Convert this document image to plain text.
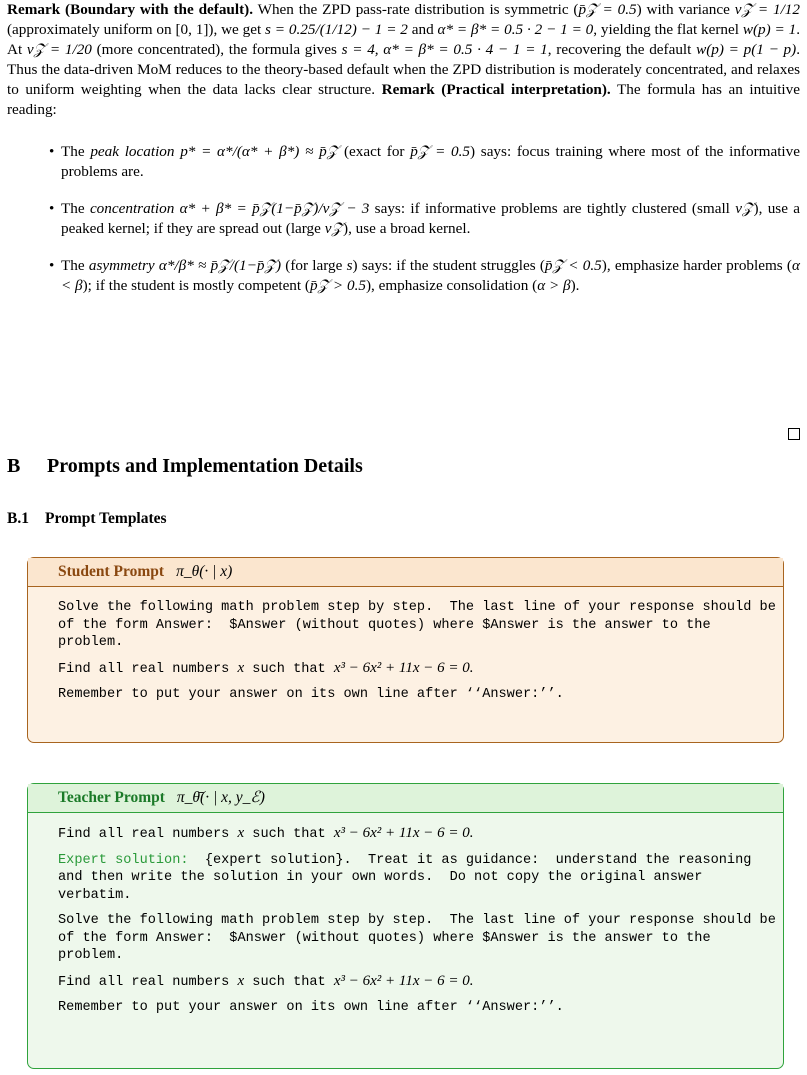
Remark (Boundary with the default). When the ZPD pass-rate distribution is symmetric (p̄𝒵 = 0.5) with variance v𝒵 = 1/12 (approximately uniform on [0, 1]), we get s = 0.25/(1/12) − 1 = 2 and α* = β* = 0.5 · 2 − 1 = 0, yielding the flat kernel w(p) = 1. At v𝒵 = 1/20 (more concentrated), the formula gives s = 4, α* = β* = 0.5 · 4 − 1 = 1, recovering the default w(p) = p(1 − p). Thus the data-driven MoM reduces to the theory-based default when the ZPD distribution is moderately concentrated, and relaxes to uniform weighting when the data lacks clear structure. Remark (Practical interpretation). The formula has an intuitive reading:

• The peak location p* = α*/(α* + β*) ≈ p̄𝒵 (exact for p̄𝒵 = 0.5) says: focus training where most of the informative problems are.
• The concentration α* + β* = p̄𝒵(1−p̄𝒵)/v𝒵 − 3 says: if informative problems are tightly clustered (small v𝒵), use a peaked kernel; if they are spread out (large v𝒵), use a broad kernel.
• The asymmetry α*/β* ≈ p̄𝒵/(1−p̄𝒵) (for large s) says: if the student struggles (p̄𝒵 < 0.5), emphasize harder problems (α < β); if the student is mostly competent (p̄𝒵 > 0.5), emphasize consolidation (α > β).
B Prompts and Implementation Details
B.1 Prompt Templates
Student Prompt π_θ(· | x)
Solve the following math problem step by step.  The last line of your response should be of the form Answer:  $Answer (without quotes) where $Answer is the answer to the problem.
Find all real numbers x such that x³ − 6x² + 11x − 6 = 0.
Remember to put your answer on its own line after ‘‘Answer:’’.
Teacher Prompt π_θ̄(· | x, y_ℰ)
Find all real numbers x such that x³ − 6x² + 11x − 6 = 0.
Expert solution:  {expert solution}.  Treat it as guidance:  understand the reasoning and then write the solution in your own words.  Do not copy the original answer verbatim.
Solve the following math problem step by step.  The last line of your response should be of the form Answer:  $Answer (without quotes) where $Answer is the answer to the problem.
Find all real numbers x such that x³ − 6x² + 11x − 6 = 0.
Remember to put your answer on its own line after ‘‘Answer:’’.
